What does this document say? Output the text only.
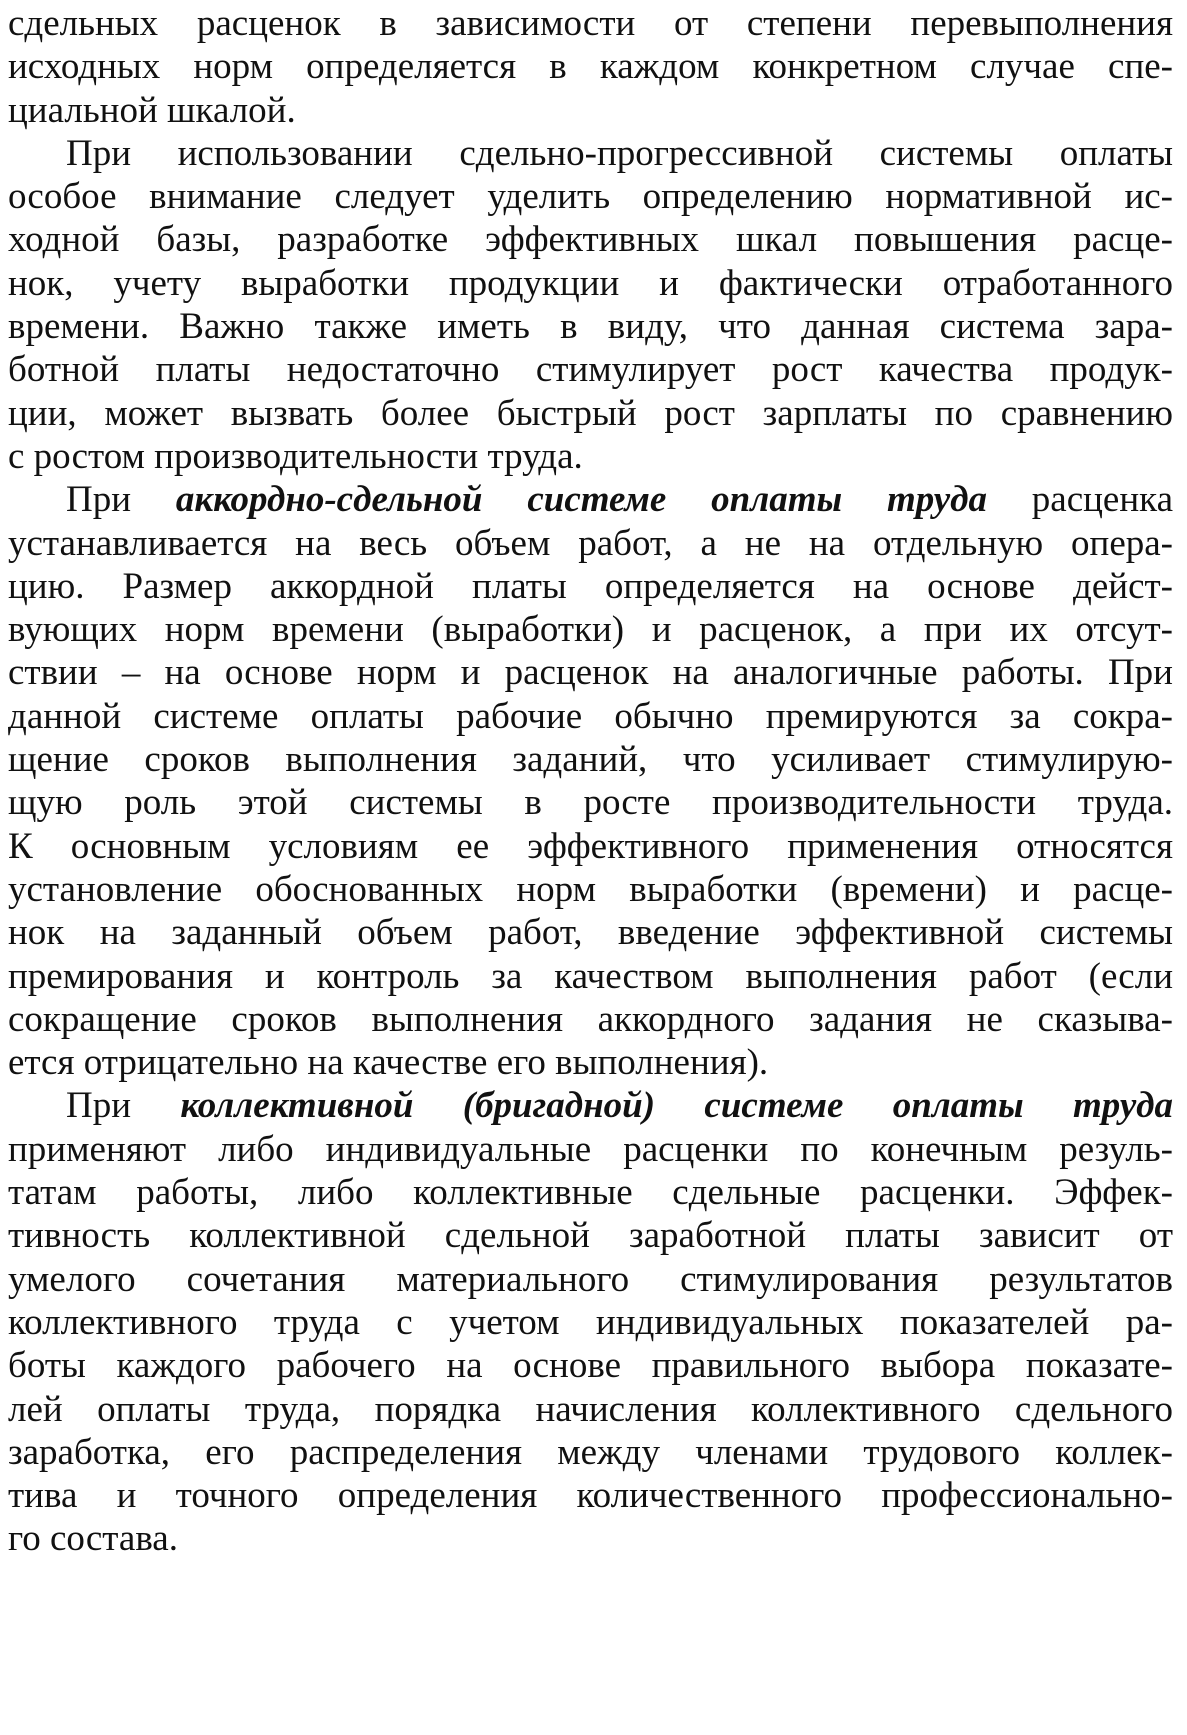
сдельных расценок в зависимости от степени перевыполнения
исходных норм определяется в каждом конкретном случае спе-
циальной шкалой.
При использовании сдельно-прогрессивной системы оплаты
особое внимание следует уделить определению нормативной ис-
ходной базы, разработке эффективных шкал повышения расце-
нок, учету выработки продукции и фактически отработанного
времени. Важно также иметь в виду, что данная система зара-
ботной платы недостаточно стимулирует рост качества продук-
ции, может вызвать более быстрый рост зарплаты по сравнению
с ростом производительности труда.
При аккордно-сдельной системе оплаты труда расценка
устанавливается на весь объем работ, а не на отдельную опера-
цию. Размер аккордной платы определяется на основе дейст-
вующих норм времени (выработки) и расценок, а при их отсут-
ствии – на основе норм и расценок на аналогичные работы. При
данной системе оплаты рабочие обычно премируются за сокра-
щение сроков выполнения заданий, что усиливает стимулирую-
щую роль этой системы в росте производительности труда.
К основным условиям ее эффективного применения относятся
установление обоснованных норм выработки (времени) и расце-
нок на заданный объем работ, введение эффективной системы
премирования и контроль за качеством выполнения работ (если
сокращение сроков выполнения аккордного задания не сказыва-
ется отрицательно на качестве его выполнения).
При коллективной (бригадной) системе оплаты труда
применяют либо индивидуальные расценки по конечным резуль-
татам работы, либо коллективные сдельные расценки. Эффек-
тивность коллективной сдельной заработной платы зависит от
умелого сочетания материального стимулирования результатов
коллективного труда с учетом индивидуальных показателей ра-
боты каждого рабочего на основе правильного выбора показате-
лей оплаты труда, порядка начисления коллективного сдельного
заработка, его распределения между членами трудового коллек-
тива и точного определения количественного профессионально-
го состава.
